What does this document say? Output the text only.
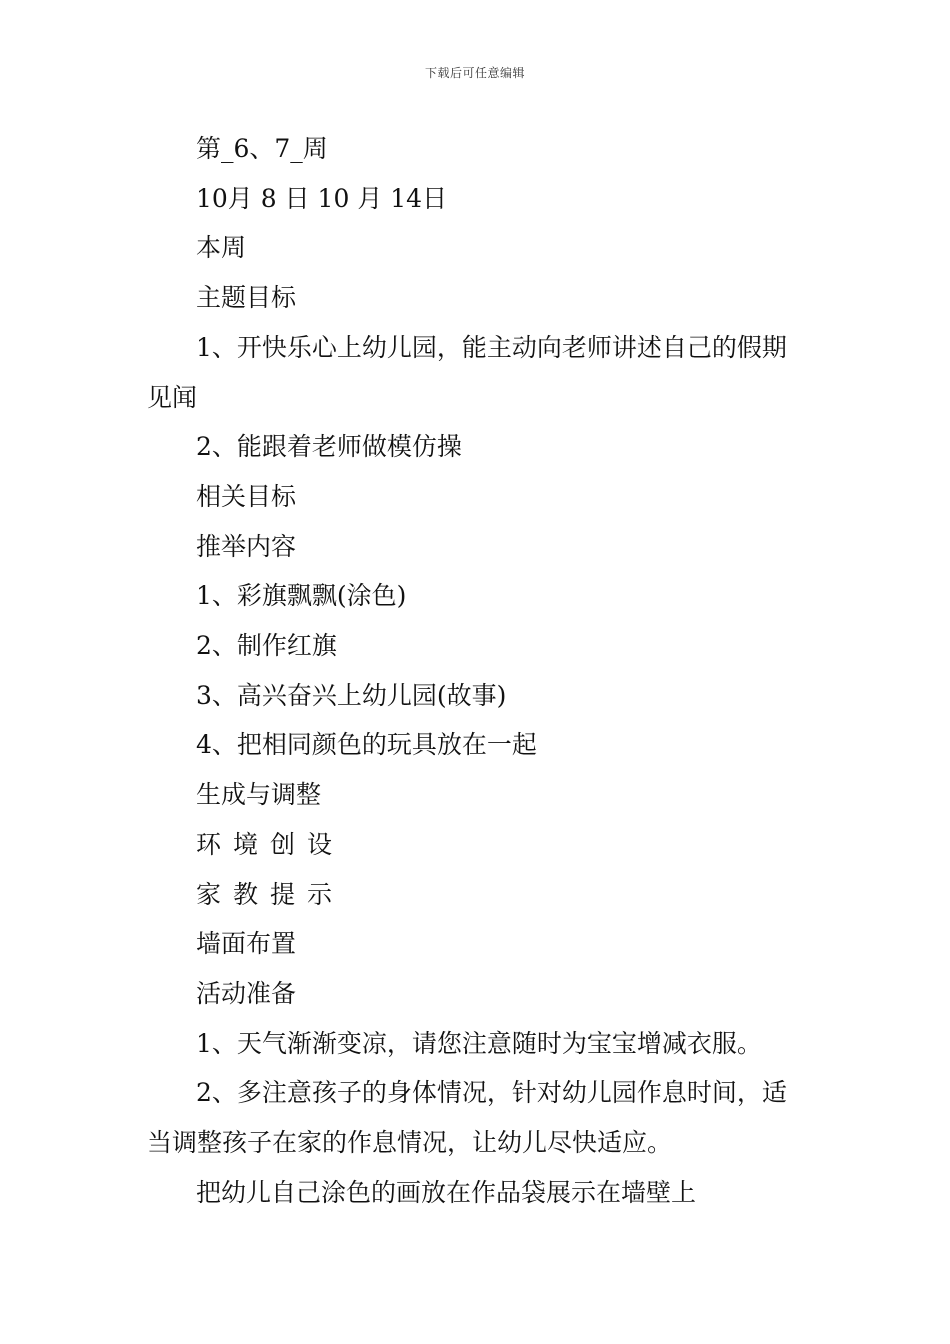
下载后可任意编辑
第_6、7_周
10月 8 日 10 月 14日
本周
主题目标
1、开快乐心上幼儿园，能主动向老师讲述自己的假期
见闻
2、能跟着老师做模仿操
相关目标
推举内容
1、彩旗飘飘(涂色)
2、制作红旗
3、高兴奋兴上幼儿园(故事)
4、把相同颜色的玩具放在一起
生成与调整
环境创设
家教提示
墙面布置
活动准备
1、天气渐渐变凉，请您注意随时为宝宝增减衣服。
2、多注意孩子的身体情况，针对幼儿园作息时间，适
当调整孩子在家的作息情况，让幼儿尽快适应。
把幼儿自己涂色的画放在作品袋展示在墙壁上
